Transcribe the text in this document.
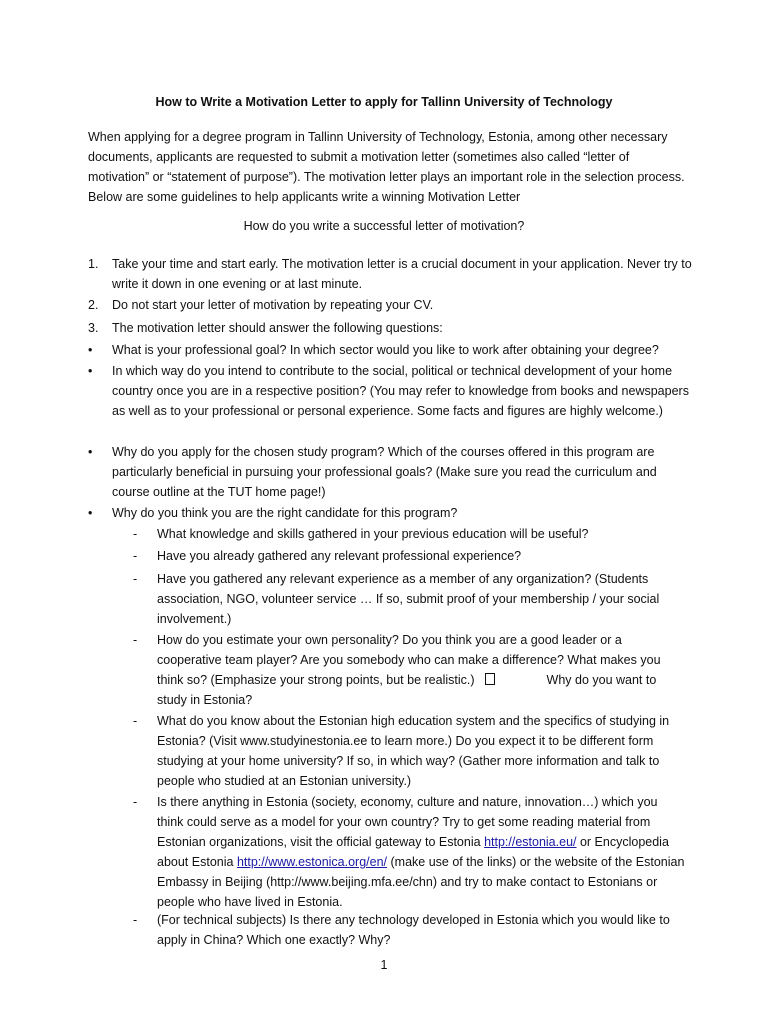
How to Write a Motivation Letter to apply for Tallinn University of Technology
When applying for a degree program in Tallinn University of Technology, Estonia, among other necessary documents, applicants are requested to submit a motivation letter (sometimes also called “letter of motivation” or “statement of purpose”). The motivation letter plays an important role in the selection process. Below are some guidelines to help applicants write a winning Motivation Letter
How do you write a successful letter of motivation?
1. Take your time and start early. The motivation letter is a crucial document in your application. Never try to write it down in one evening or at last minute.
2. Do not start your letter of motivation by repeating your CV.
3. The motivation letter should answer the following questions:
• What is your professional goal? In which sector would you like to work after obtaining your degree?
• In which way do you intend to contribute to the social, political or technical development of your home country once you are in a respective position? (You may refer to knowledge from books and newspapers as well as to your professional or personal experience. Some facts and figures are highly welcome.)
• Why do you apply for the chosen study program? Which of the courses offered in this program are particularly beneficial in pursuing your professional goals? (Make sure you read the curriculum and course outline at the TUT home page!)
• Why do you think you are the right candidate for this program?
- What knowledge and skills gathered in your previous education will be useful?
- Have you already gathered any relevant professional experience?
- Have you gathered any relevant experience as a member of any organization? (Students association, NGO, volunteer service … If so, submit proof of your membership / your social involvement.)
- How do you estimate your own personality? Do you think you are a good leader or a cooperative team player? Are you somebody who can make a difference? What makes you think so? (Emphasize your strong points, but be realistic.)	Why do you want to study in Estonia?
- What do you know about the Estonian high education system and the specifics of studying in Estonia? (Visit www.studyinestonia.ee to learn more.) Do you expect it to be different form studying at your home university? If so, in which way? (Gather more information and talk to people who studied at an Estonian university.)
- Is there anything in Estonia (society, economy, culture and nature, innovation…) which you think could serve as a model for your own country? Try to get some reading material from Estonian organizations, visit the official gateway to Estonia http://estonia.eu/ or Encyclopedia about Estonia http://www.estonica.org/en/ (make use of the links) or the website of the Estonian Embassy in Beijing (http://www.beijing.mfa.ee/chn) and try to make contact to Estonians or people who have lived in Estonia.
- (For technical subjects) Is there any technology developed in Estonia which you would like to apply in China? Which one exactly? Why?
1
